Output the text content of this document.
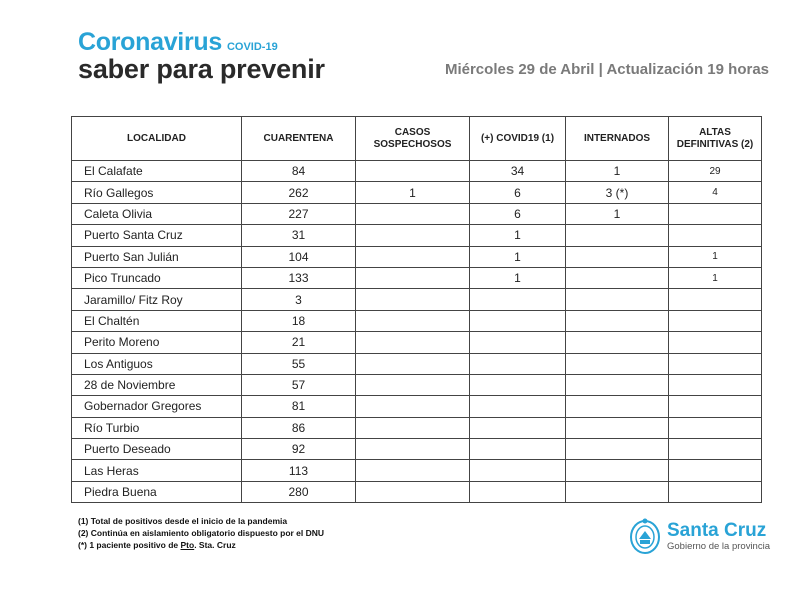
Coronavirus COVID-19
saber para prevenir	Miércoles 29 de Abril | Actualización 19 horas
LOCALIDAD	CUARENTENA	CASOS SOSPECHOSOS	(+) COVID19 (1)	INTERNADOS	ALTAS DEFINITIVAS (2)
El Calafate	84		34	1	29
Río Gallegos	262	1	6	3 (*)	4
Caleta Olivia	227		6	1	
Puerto Santa Cruz	31		1		
Puerto San Julián	104		1		1
Pico Truncado	133		1		1
Jaramillo/ Fitz Roy	3				
El Chaltén	18				
Perito Moreno	21				
Los Antiguos	55				
28 de Noviembre	57				
Gobernador Gregores	81				
Río Turbio	86				
Puerto Deseado	92				
Las Heras	113				
Piedra Buena	280				
(1) Total de positivos desde el inicio de la pandemia
(2) Continúa en aislamiento obligatorio dispuesto por el DNU
(*) 1 paciente positivo de Pto. Sta. Cruz
Santa Cruz
Gobierno de la provincia
